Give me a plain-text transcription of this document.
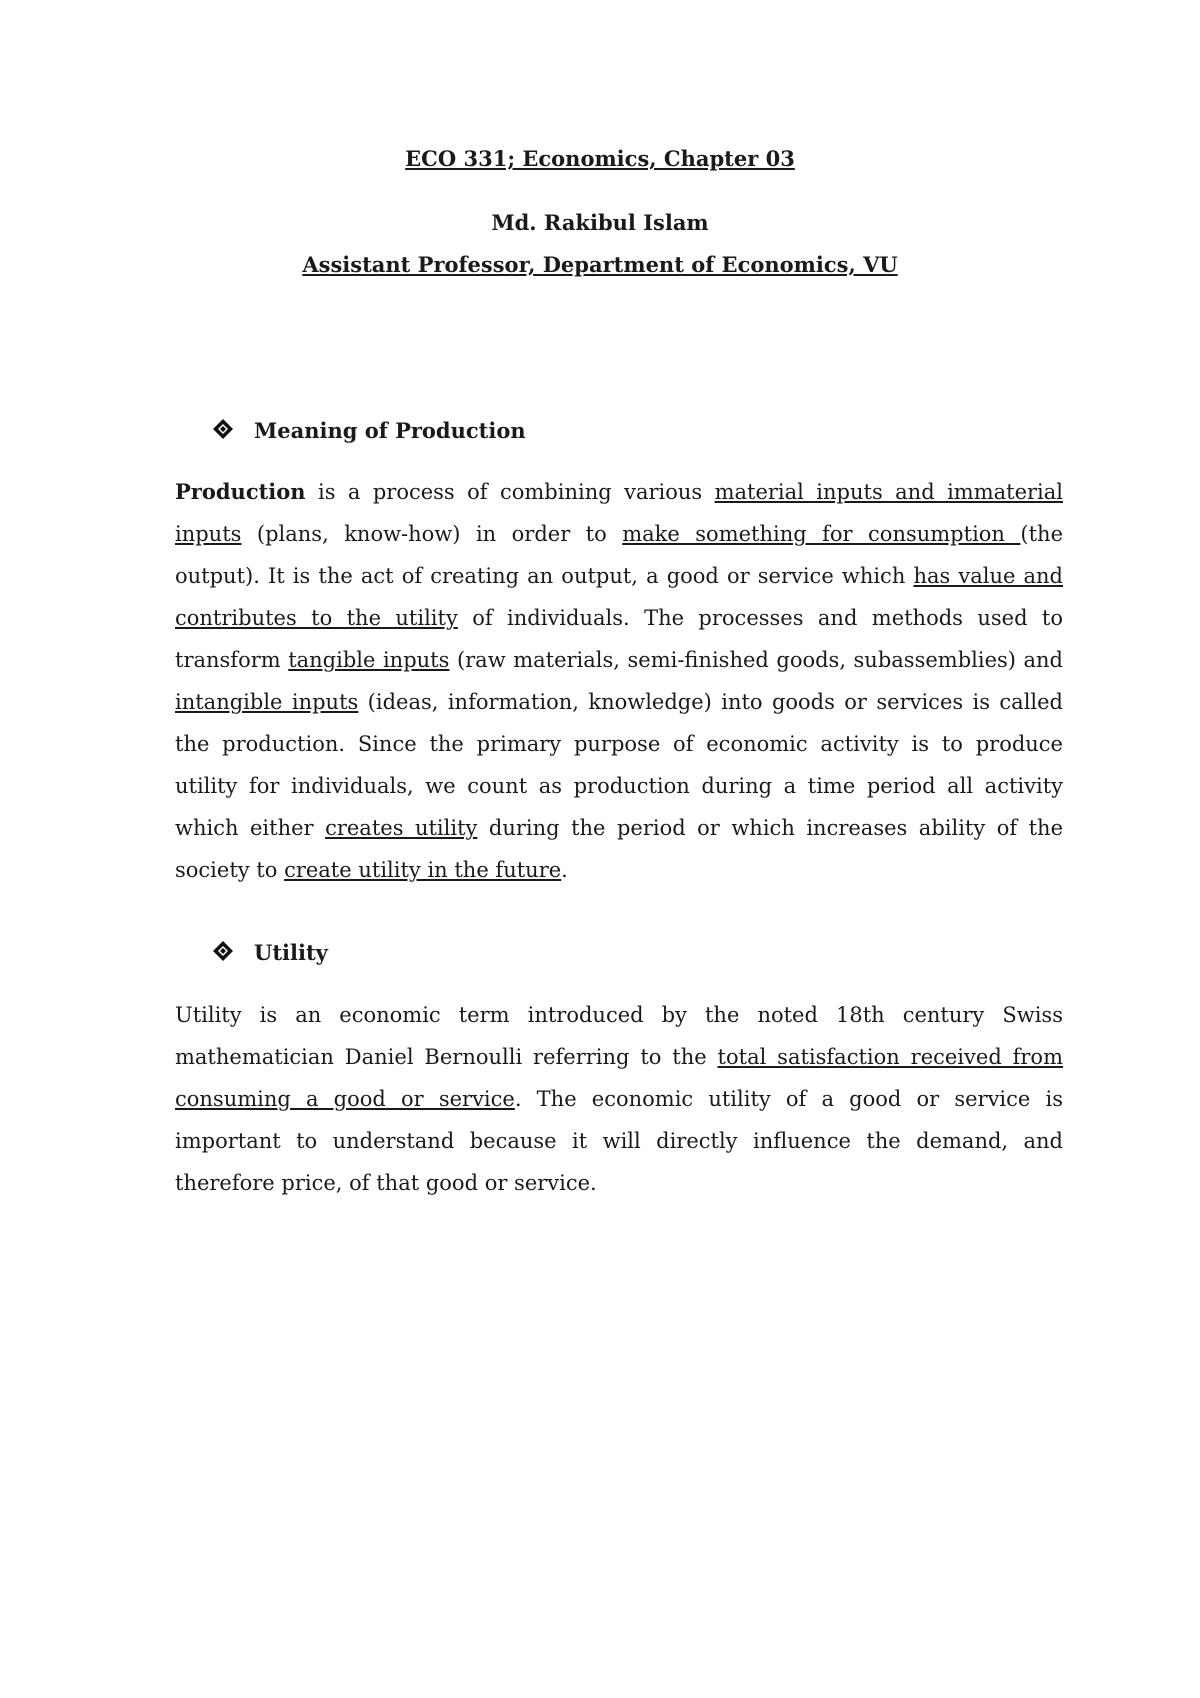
ECO 331; Economics, Chapter 03
Md. Rakibul Islam
Assistant Professor, Department of Economics, VU
Meaning of Production
Production is a process of combining various material inputs and immaterial inputs (plans, know-how) in order to make something for consumption (the output). It is the act of creating an output, a good or service which has value and contributes to the utility of individuals. The processes and methods used to transform tangible inputs (raw materials, semi-finished goods, subassemblies) and intangible inputs (ideas, information, knowledge) into goods or services is called the production. Since the primary purpose of economic activity is to produce utility for individuals, we count as production during a time period all activity which either creates utility during the period or which increases ability of the society to create utility in the future.
Utility
Utility is an economic term introduced by the noted 18th century Swiss mathematician Daniel Bernoulli referring to the total satisfaction received from consuming a good or service. The economic utility of a good or service is important to understand because it will directly influence the demand, and therefore price, of that good or service.
